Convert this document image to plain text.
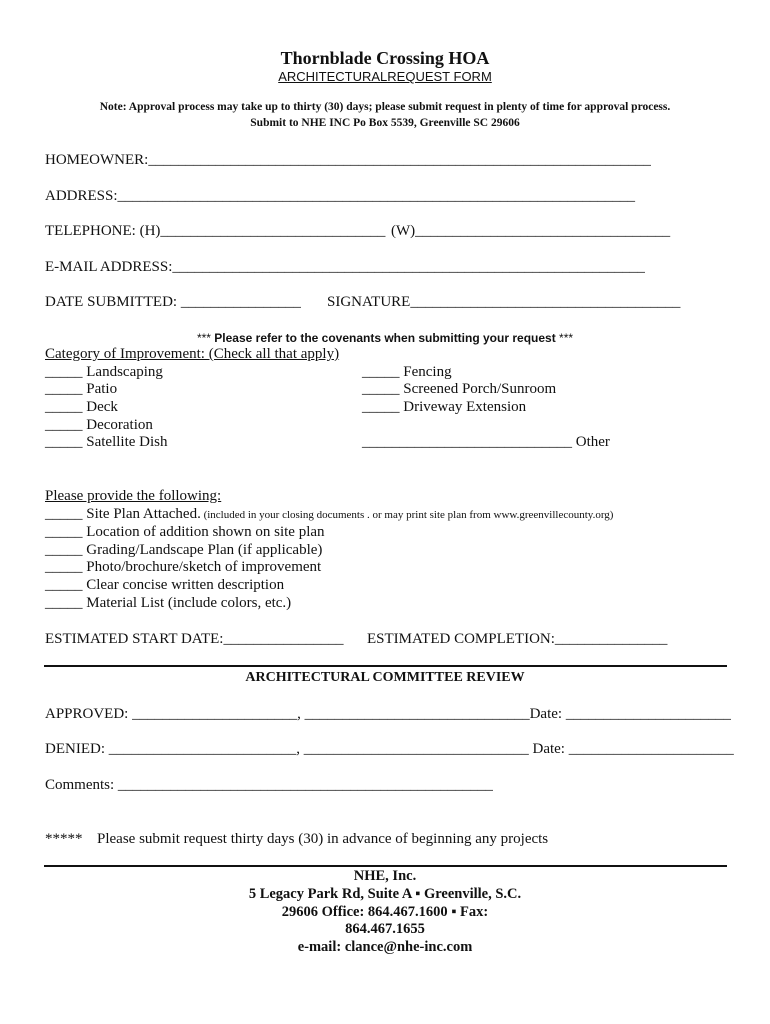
Thornblade Crossing HOA
ARCHITECTURALREQUEST FORM
Note: Approval process may take up to thirty (30) days; please submit request in plenty of time for approval process.
Submit to NHE INC Po Box 5539, Greenville SC 29606
HOMEOWNER:___________________________________________________________________
ADDRESS:_____________________________________________________________________
TELEPHONE: (H)______________________________ (W)__________________________________
E-MAIL ADDRESS:_______________________________________________________________
DATE SUBMITTED: ________________ SIGNATURE____________________________________
*** Please refer to the covenants when submitting your request ***
Category of Improvement: (Check all that apply)
_____ Landscaping
_____ Patio
_____ Deck
_____ Decoration
_____ Satellite Dish
_____ Fencing
_____ Screened Porch/Sunroom
_____ Driveway Extension
____________________________ Other
Please provide the following:
_____ Site Plan Attached. (included in your closing documents . or may print site plan from www.greenvillecounty.org)
_____ Location of addition shown on site plan
_____ Grading/Landscape Plan (if applicable)
_____ Photo/brochure/sketch of improvement
_____ Clear concise written description
_____ Material List (include colors, etc.)
ESTIMATED START DATE:________________ ESTIMATED COMPLETION:_______________
ARCHITECTURAL COMMITTEE REVIEW
APPROVED: ______________________, ______________________________Date: ______________________
DENIED: _________________________, ______________________________ Date: ______________________
Comments: __________________________________________________
***** Please submit request thirty days (30) in advance of beginning any projects
NHE, Inc.
5 Legacy Park Rd, Suite A ▪ Greenville, S.C.
29606 Office: 864.467.1600 ▪ Fax:
864.467.1655
e-mail: clance@nhe-inc.com
